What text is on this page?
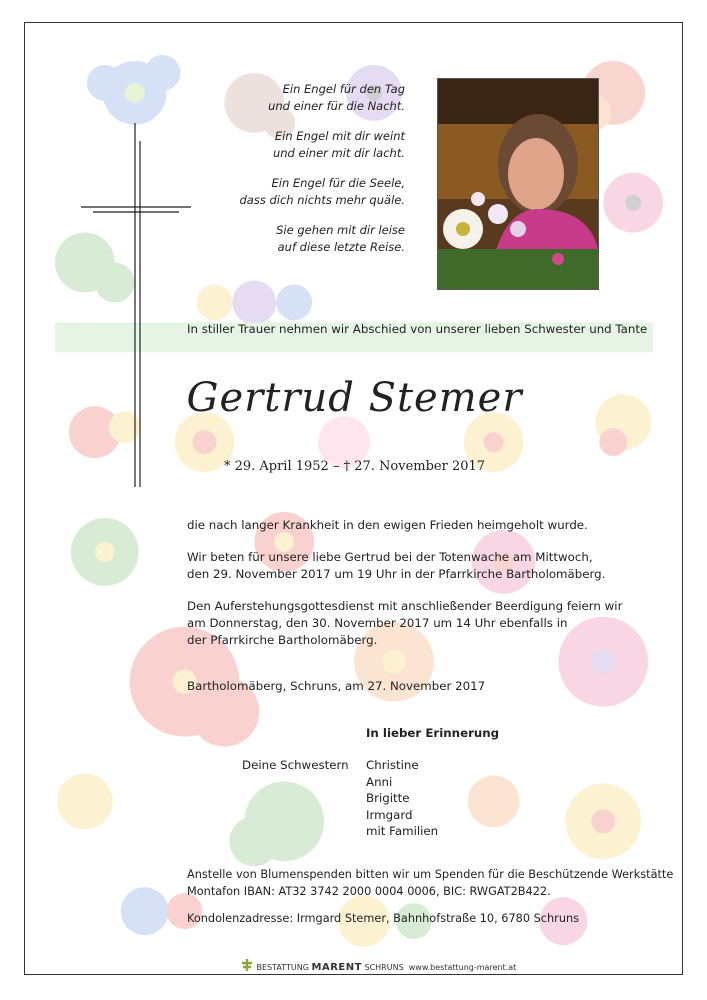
Ein Engel für den Tag
und einer für die Nacht.

Ein Engel mit dir weint
und einer mit dir lacht.

Ein Engel für die Seele,
dass dich nichts mehr quäle.

Sie gehen mit dir leise
auf diese letzte Reise.

In stiller Trauer nehmen wir Abschied von unserer lieben Schwester und Tante
Gertrud Stemer
* 29. April 1952 – † 27. November 2017
die nach langer Krankheit in den ewigen Frieden heimgeholt wurde.
Wir beten für unsere liebe Gertrud bei der Totenwache am Mittwoch,
den 29. November 2017 um 19 Uhr in der Pfarrkirche Bartholomäberg.
Den Auferstehungsgottesdienst mit anschließender Beerdigung feiern wir
am Donnerstag, den 30. November 2017 um 14 Uhr ebenfalls in
der Pfarrkirche Bartholomäberg.
Bartholomäberg, Schruns, am 27. November 2017
In lieber Erinnerung
Deine Schwestern Christine
Anni
Brigitte
Irmgard
mit Familien
Anstelle von Blumenspenden bitten wir um Spenden für die Beschützende Werkstätte
Montafon IBAN: AT32 3742 2000 0004 0006, BIC: RWGAT2B422.
Kondolenzadresse: Irmgard Stemer, Bahnhofstraße 10, 6780 Schruns
BESTATTUNG MARENT SCHRUNS www.bestattung-marent.at
